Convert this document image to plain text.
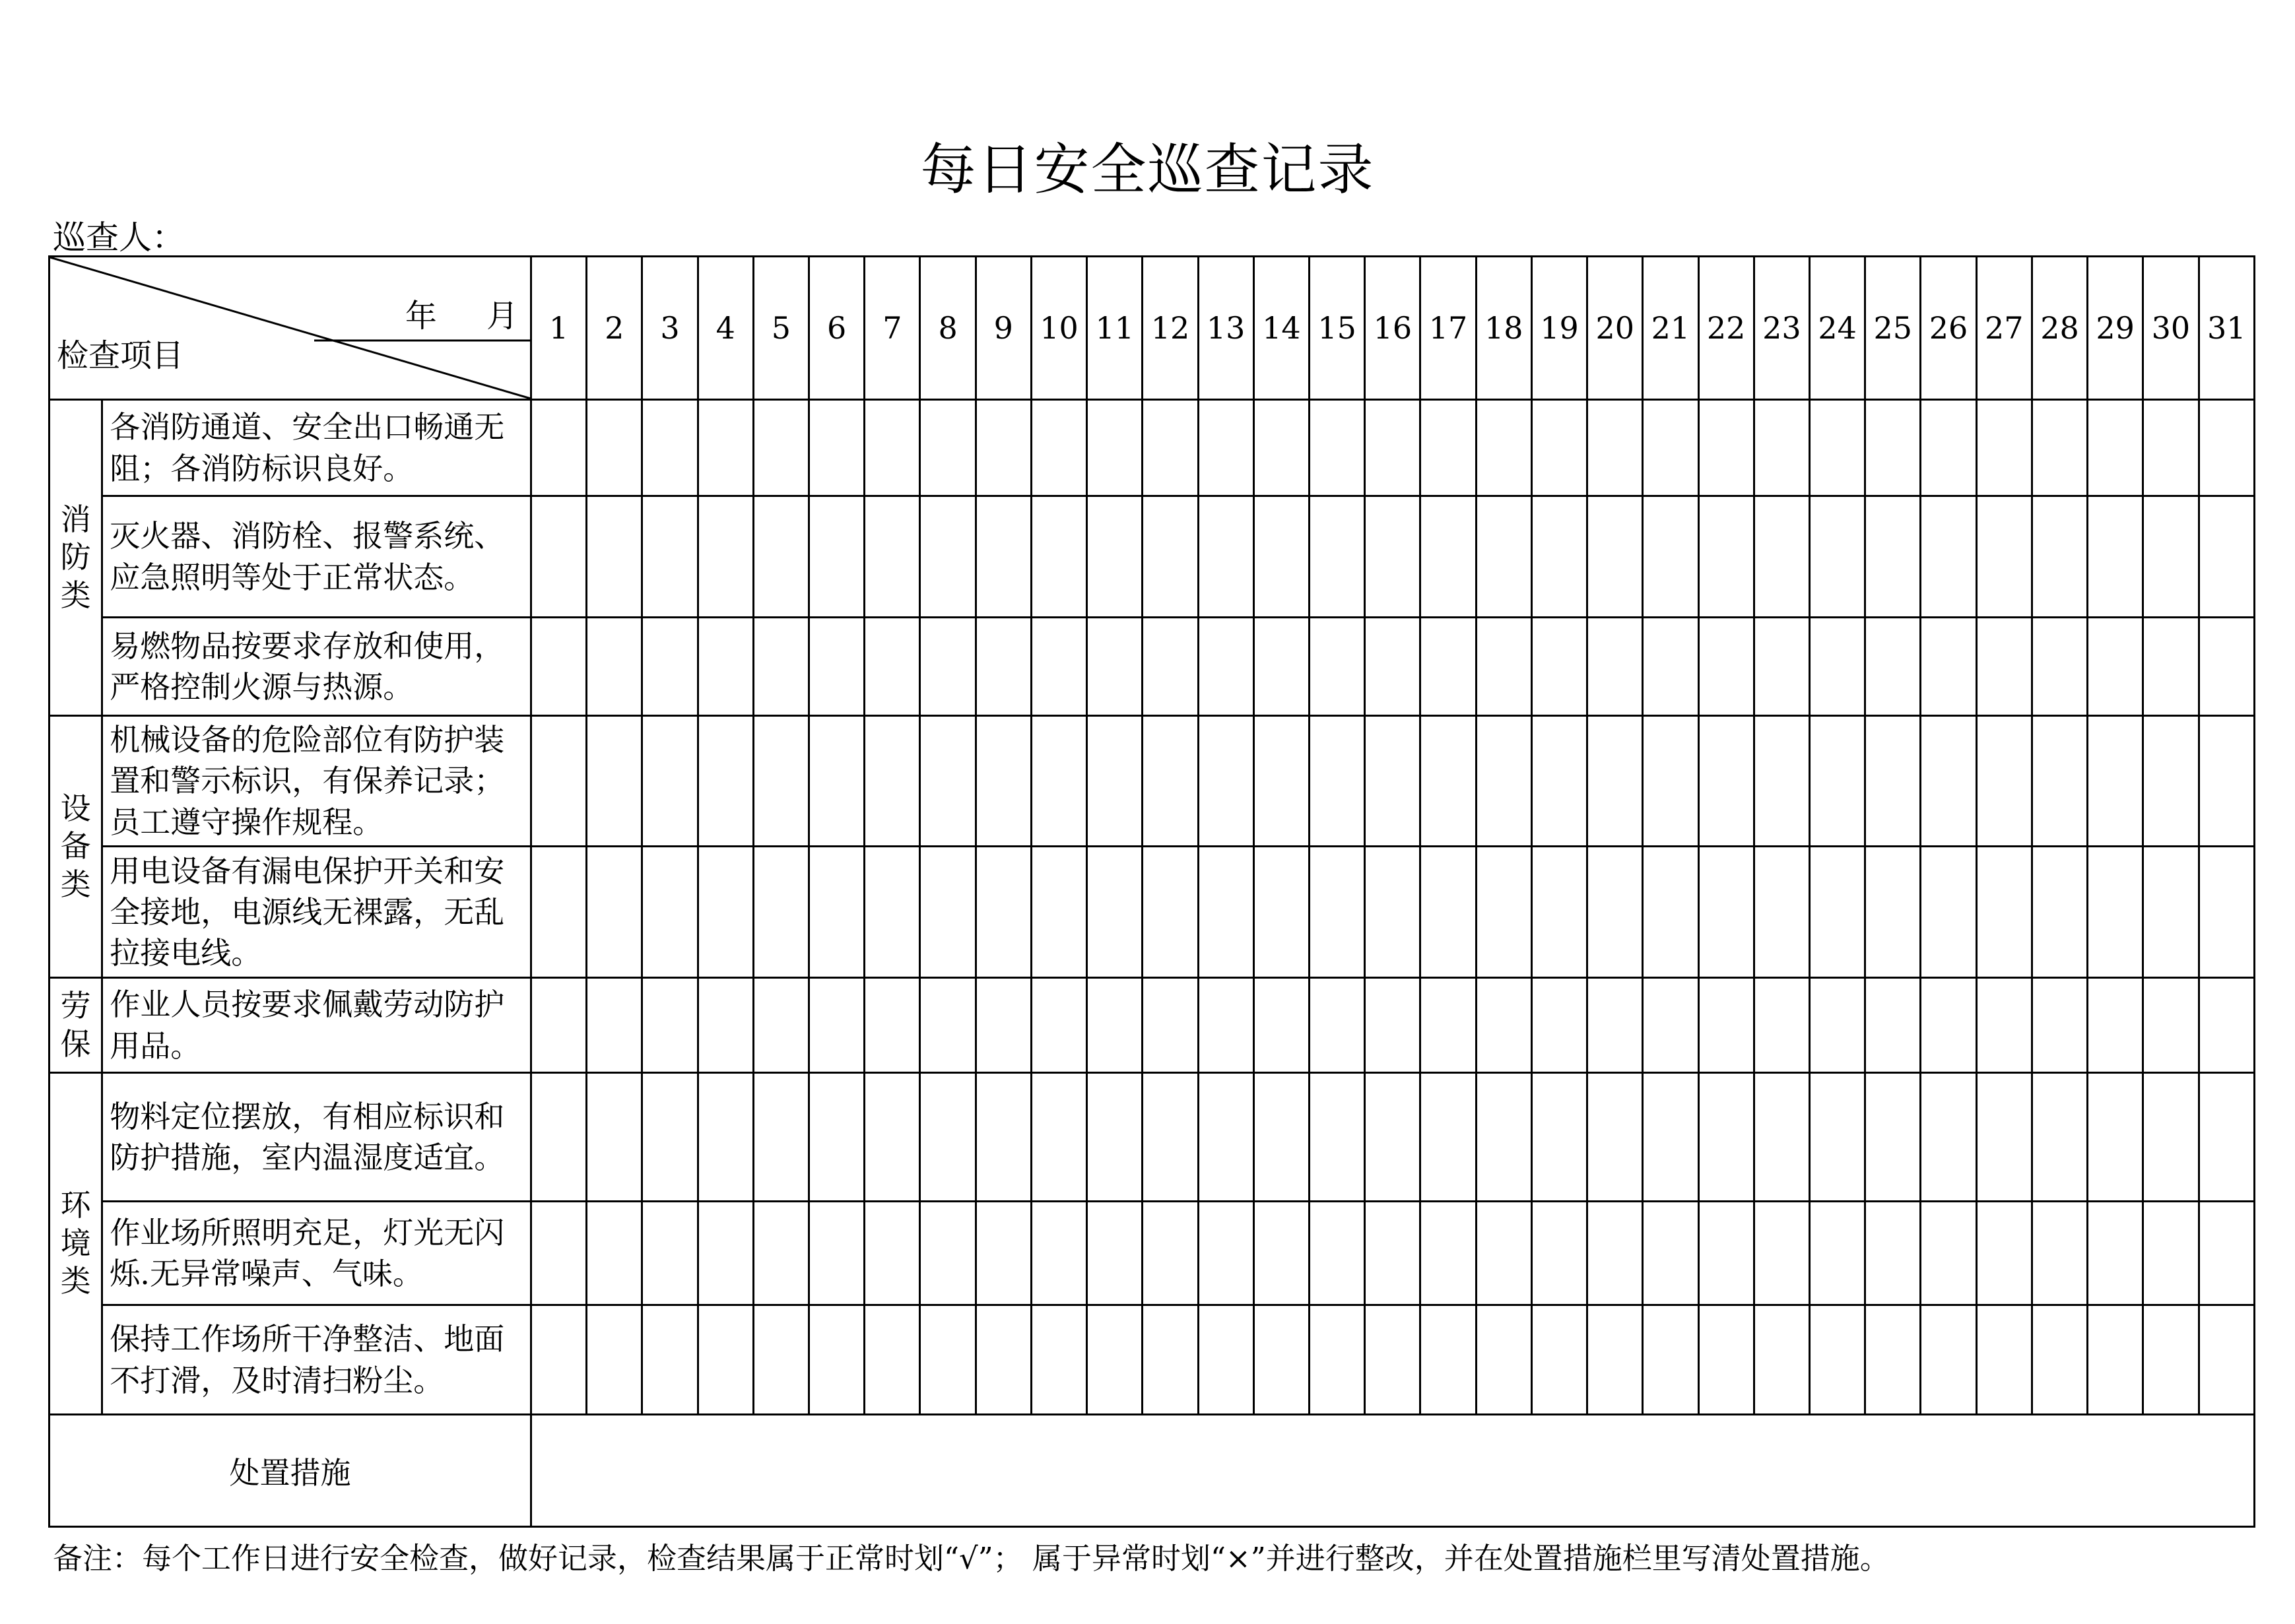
每日安全巡查记录
巡查人：
年 月
检查项目		1	2	3	4	5	6	7	8	9	10	11	12	13	14	15	16	17	18	19	20	21	22	23	24	25	26	27	28	29	30	31

消
防
类	各消防通道、安全出口畅通无阻；各消防标识良好。																															
	灭火器、消防栓、报警系统、应急照明等处于正常状态。																															
	易燃物品按要求存放和使用，严格控制火源与热源。																															

设
备
类	机械设备的危险部位有防护装置和警示标识，有保养记录；员工遵守操作规程。																															
	用电设备有漏电保护开关和安全接地，电源线无裸露，无乱拉接电线。																															

劳
保	作业人员按要求佩戴劳动防护用品。																															

环
境
类	物料定位摆放，有相应标识和防护措施，室内温湿度适宜。																															
	作业场所照明充足，灯光无闪烁.无异常噪声、气味。																															
	保持工作场所干净整洁、地面不打滑，及时清扫粉尘。																															
处置措施																																
备注：每个工作日进行安全检查，做好记录，检查结果属于正常时划“√”； 属于异常时划“×”并进行整改，并在处置措施栏里写清处置措施。
